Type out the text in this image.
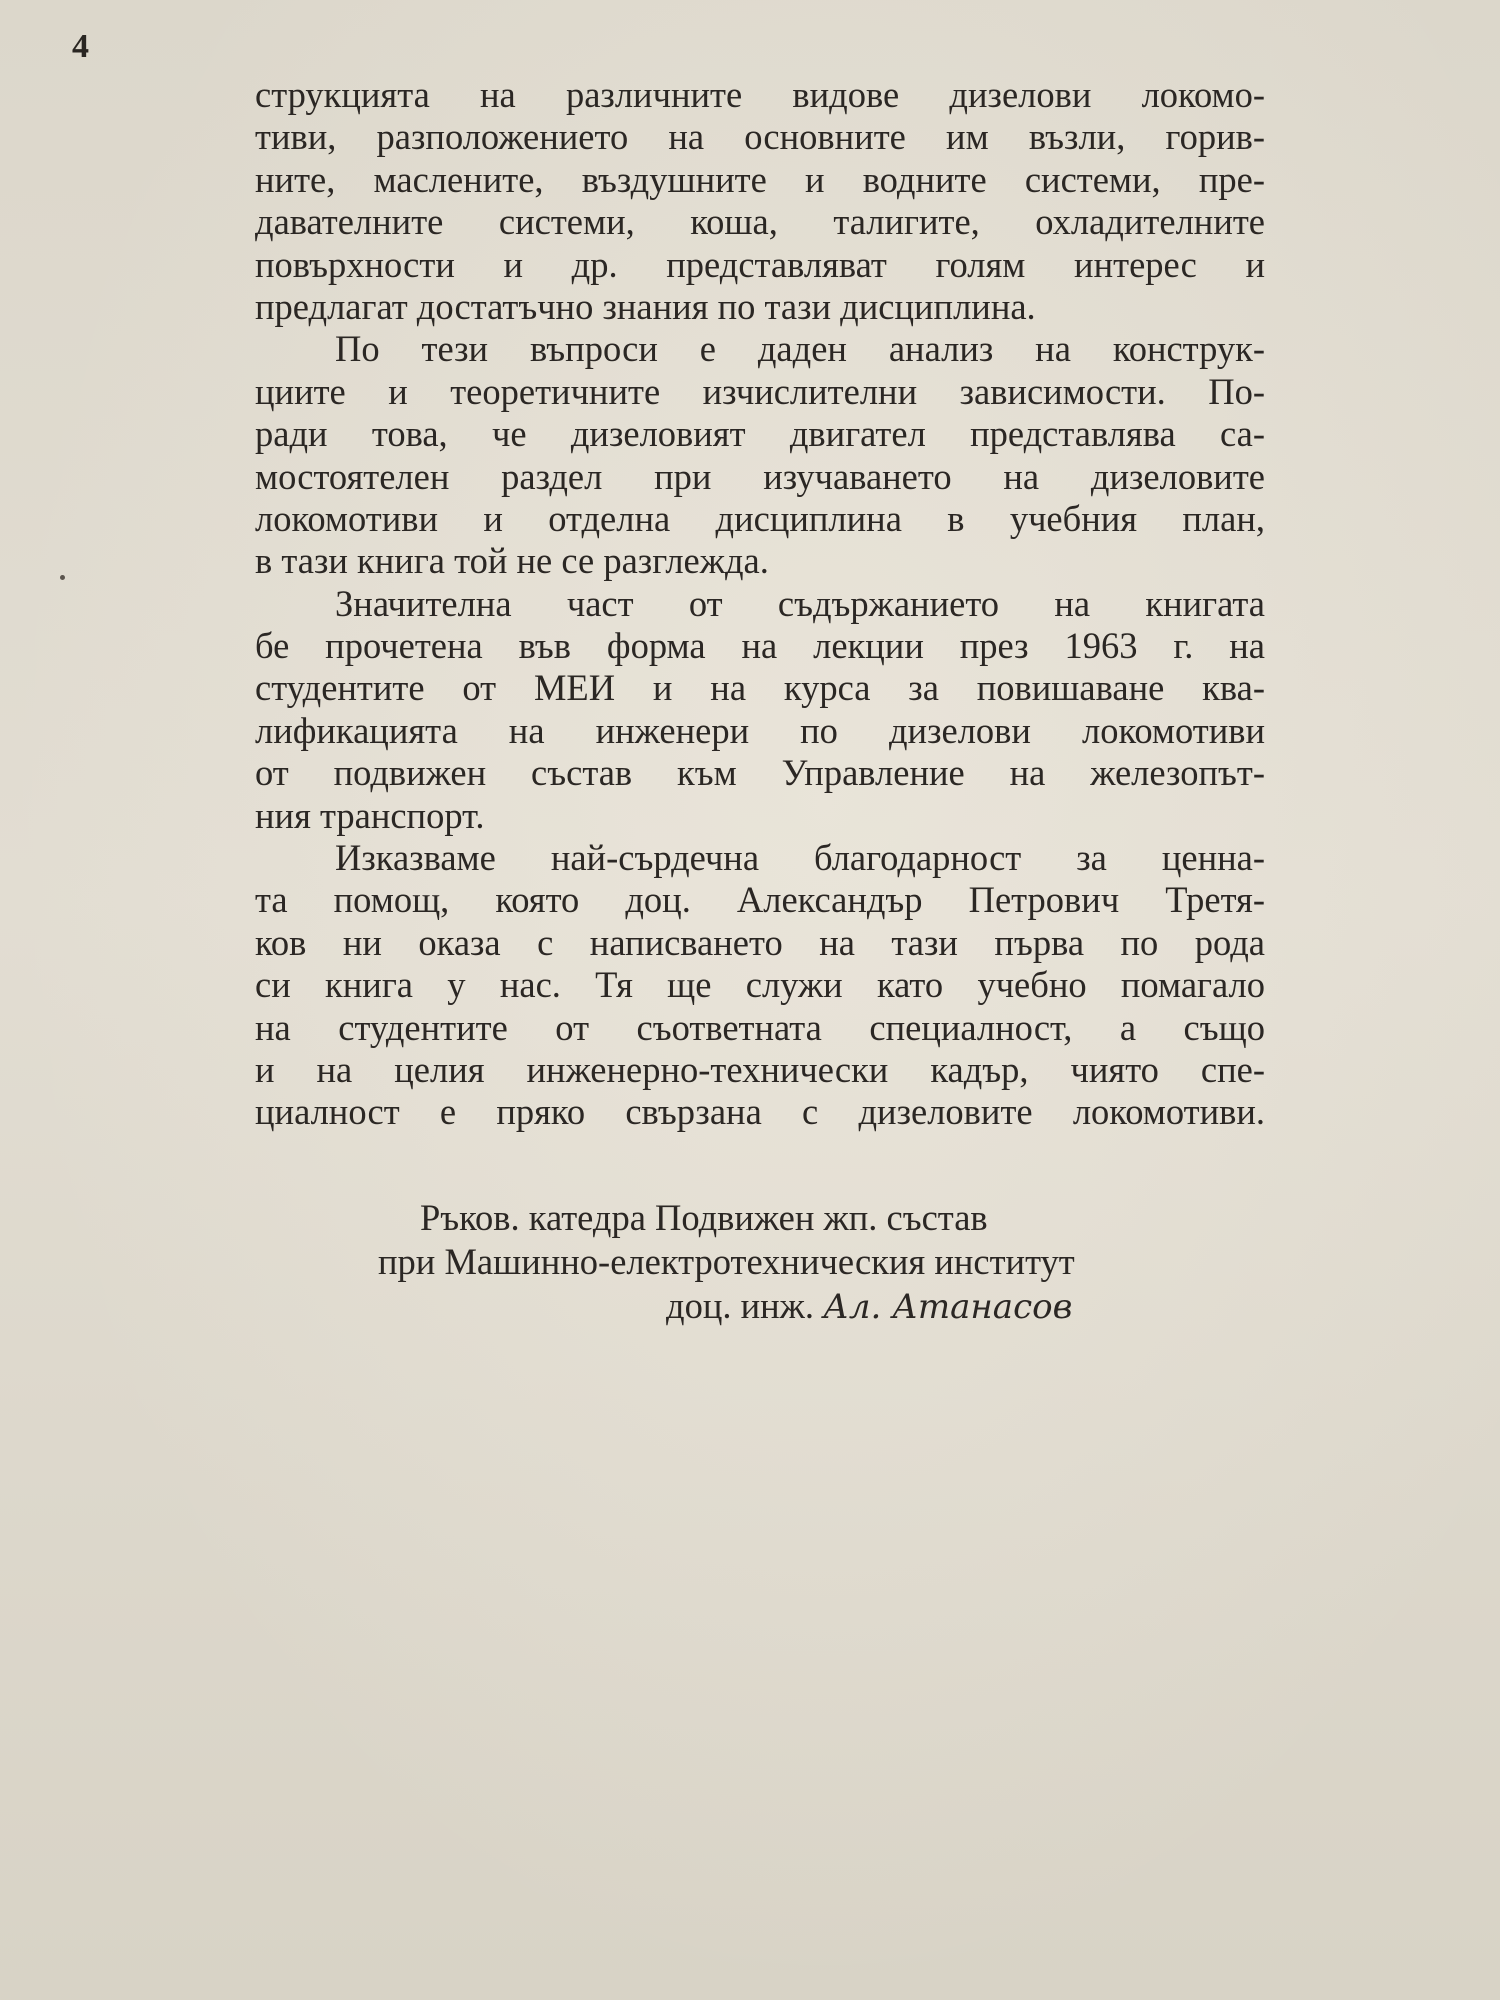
4
струкцията на различните видове дизелови локомо-
тиви, разположението на основните им възли, горив-
ните, маслените, въздушните и водните системи, пре-
давателните системи, коша, талигите, охладителните
повърхности и др. представляват голям интерес и
предлагат достатъчно знания по тази дисциплина.
По тези въпроси е даден анализ на конструк-
циите и теоретичните изчислителни зависимости. По-
ради това, че дизеловият двигател представлява са-
мостоятелен раздел при изучаването на дизеловите
локомотиви и отделна дисциплина в учебния план,
в тази книга той не се разглежда.
Значителна част от съдържанието на книгата
бе прочетена във форма на лекции през 1963 г. на
студентите от МЕИ и на курса за повишаване ква-
лификацията на инженери по дизелови локомотиви
от подвижен състав към Управление на железопът-
ния транспорт.
Изказваме най-сърдечна благодарност за ценна-
та помощ, която доц. Александър Петрович Третя-
ков ни оказа с написването на тази първа по рода
си книга у нас. Тя ще служи като учебно помагало
на студентите от съответната специалност, а също
и на целия инженерно-технически кадър, чиято спе-
циалност е пряко свързана с дизеловите локомотиви.
Ръков. катедра Подвижен жп. състав
при Машинно-електротехническия институт
доц. инж. Ал. Атанасов
